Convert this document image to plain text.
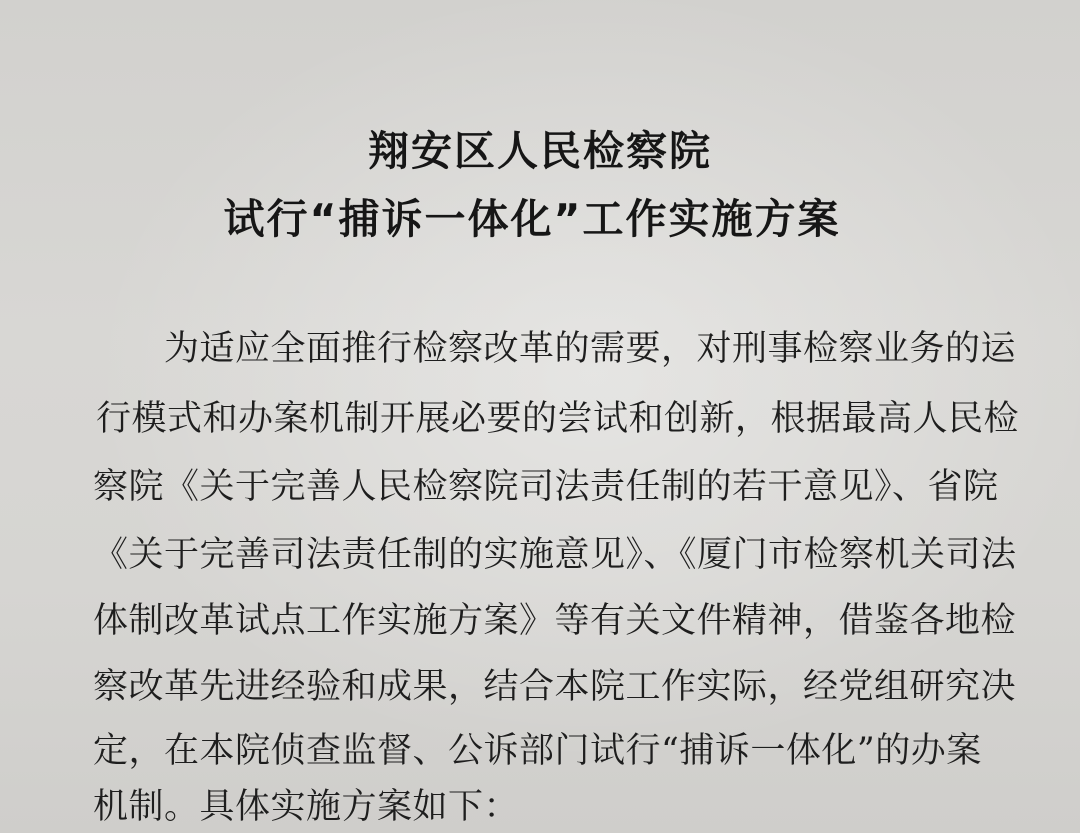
翔安区人民检察院
试行“捕诉一体化”工作实施方案
为适应全面推行检察改革的需要，对刑事检察业务的运
行模式和办案机制开展必要的尝试和创新，根据最高人民检
察院《关于完善人民检察院司法责任制的若干意见》、省院
《关于完善司法责任制的实施意见》、《厦门市检察机关司法
体制改革试点工作实施方案》等有关文件精神，借鉴各地检
察改革先进经验和成果，结合本院工作实际，经党组研究决
定，在本院侦查监督、公诉部门试行“捕诉一体化”的办案
机制。具体实施方案如下：
